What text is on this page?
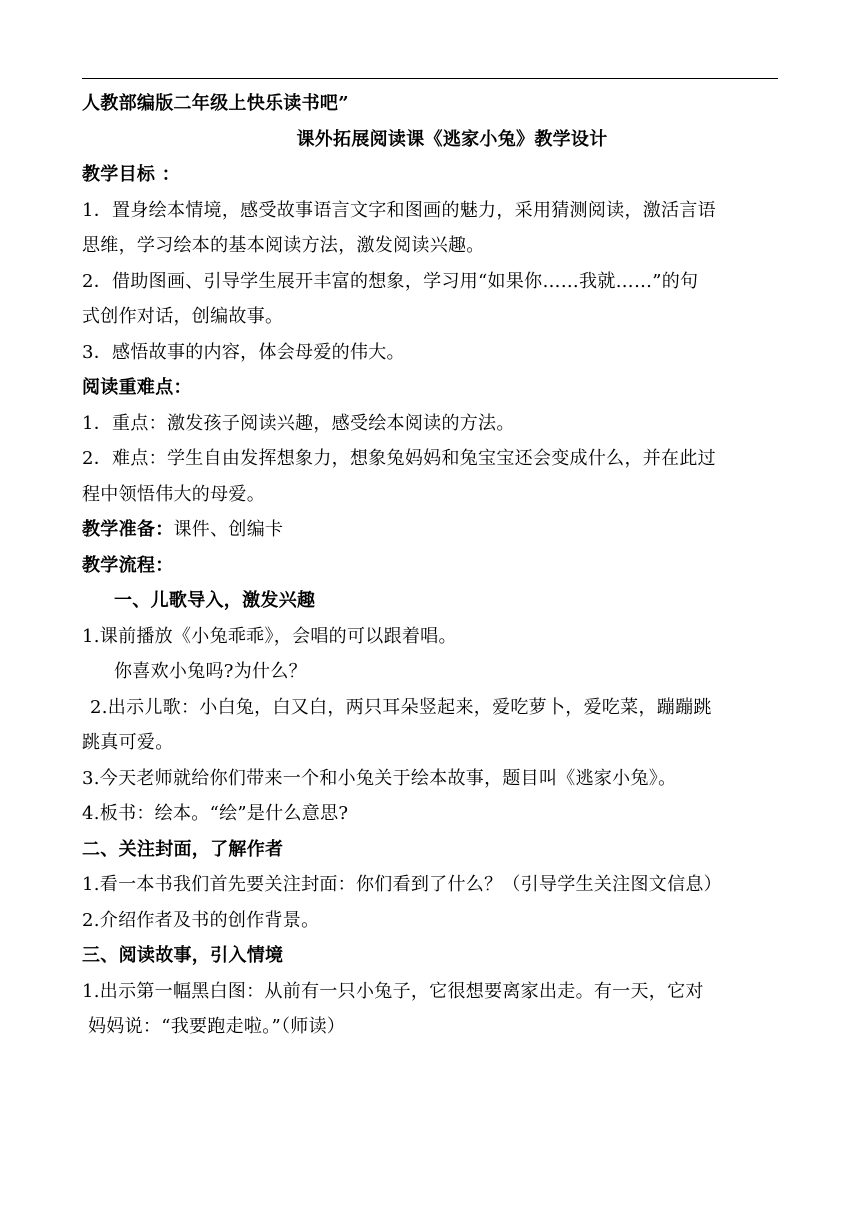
人教部编版二年级上快乐读书吧”
课外拓展阅读课《逃家小兔》教学设计
教学目标 ：
1．置身绘本情境，感受故事语言文字和图画的魅力，采用猜测阅读，激活言语
思维，学习绘本的基本阅读方法，激发阅读兴趣。
2．借助图画、引导学生展开丰富的想象，学习用“如果你……我就……”的句
式创作对话，创编故事。
3．感悟故事的内容，体会母爱的伟大。
阅读重难点：
1．重点：激发孩子阅读兴趣，感受绘本阅读的方法。
2．难点：学生自由发挥想象力，想象兔妈妈和兔宝宝还会变成什么，并在此过
程中领悟伟大的母爱。
教学准备：课件、创编卡
教学流程：
一、儿歌导入，激发兴趣
1.课前播放《小兔乖乖》，会唱的可以跟着唱。
你喜欢小兔吗?为什么？
2.出示儿歌：小白兔，白又白，两只耳朵竖起来，爱吃萝卜，爱吃菜，蹦蹦跳
跳真可爱。
3.今天老师就给你们带来一个和小兔关于绘本故事，题目叫《逃家小兔》。
4.板书：绘本。“绘”是什么意思?
二、关注封面，了解作者
1.看一本书我们首先要关注封面：你们看到了什么？（引导学生关注图文信息）
2.介绍作者及书的创作背景。
三、阅读故事，引入情境
1.出示第一幅黑白图：从前有一只小兔子，它很想要离家出走。有一天，它对
妈妈说：“我要跑走啦。”（师读）
